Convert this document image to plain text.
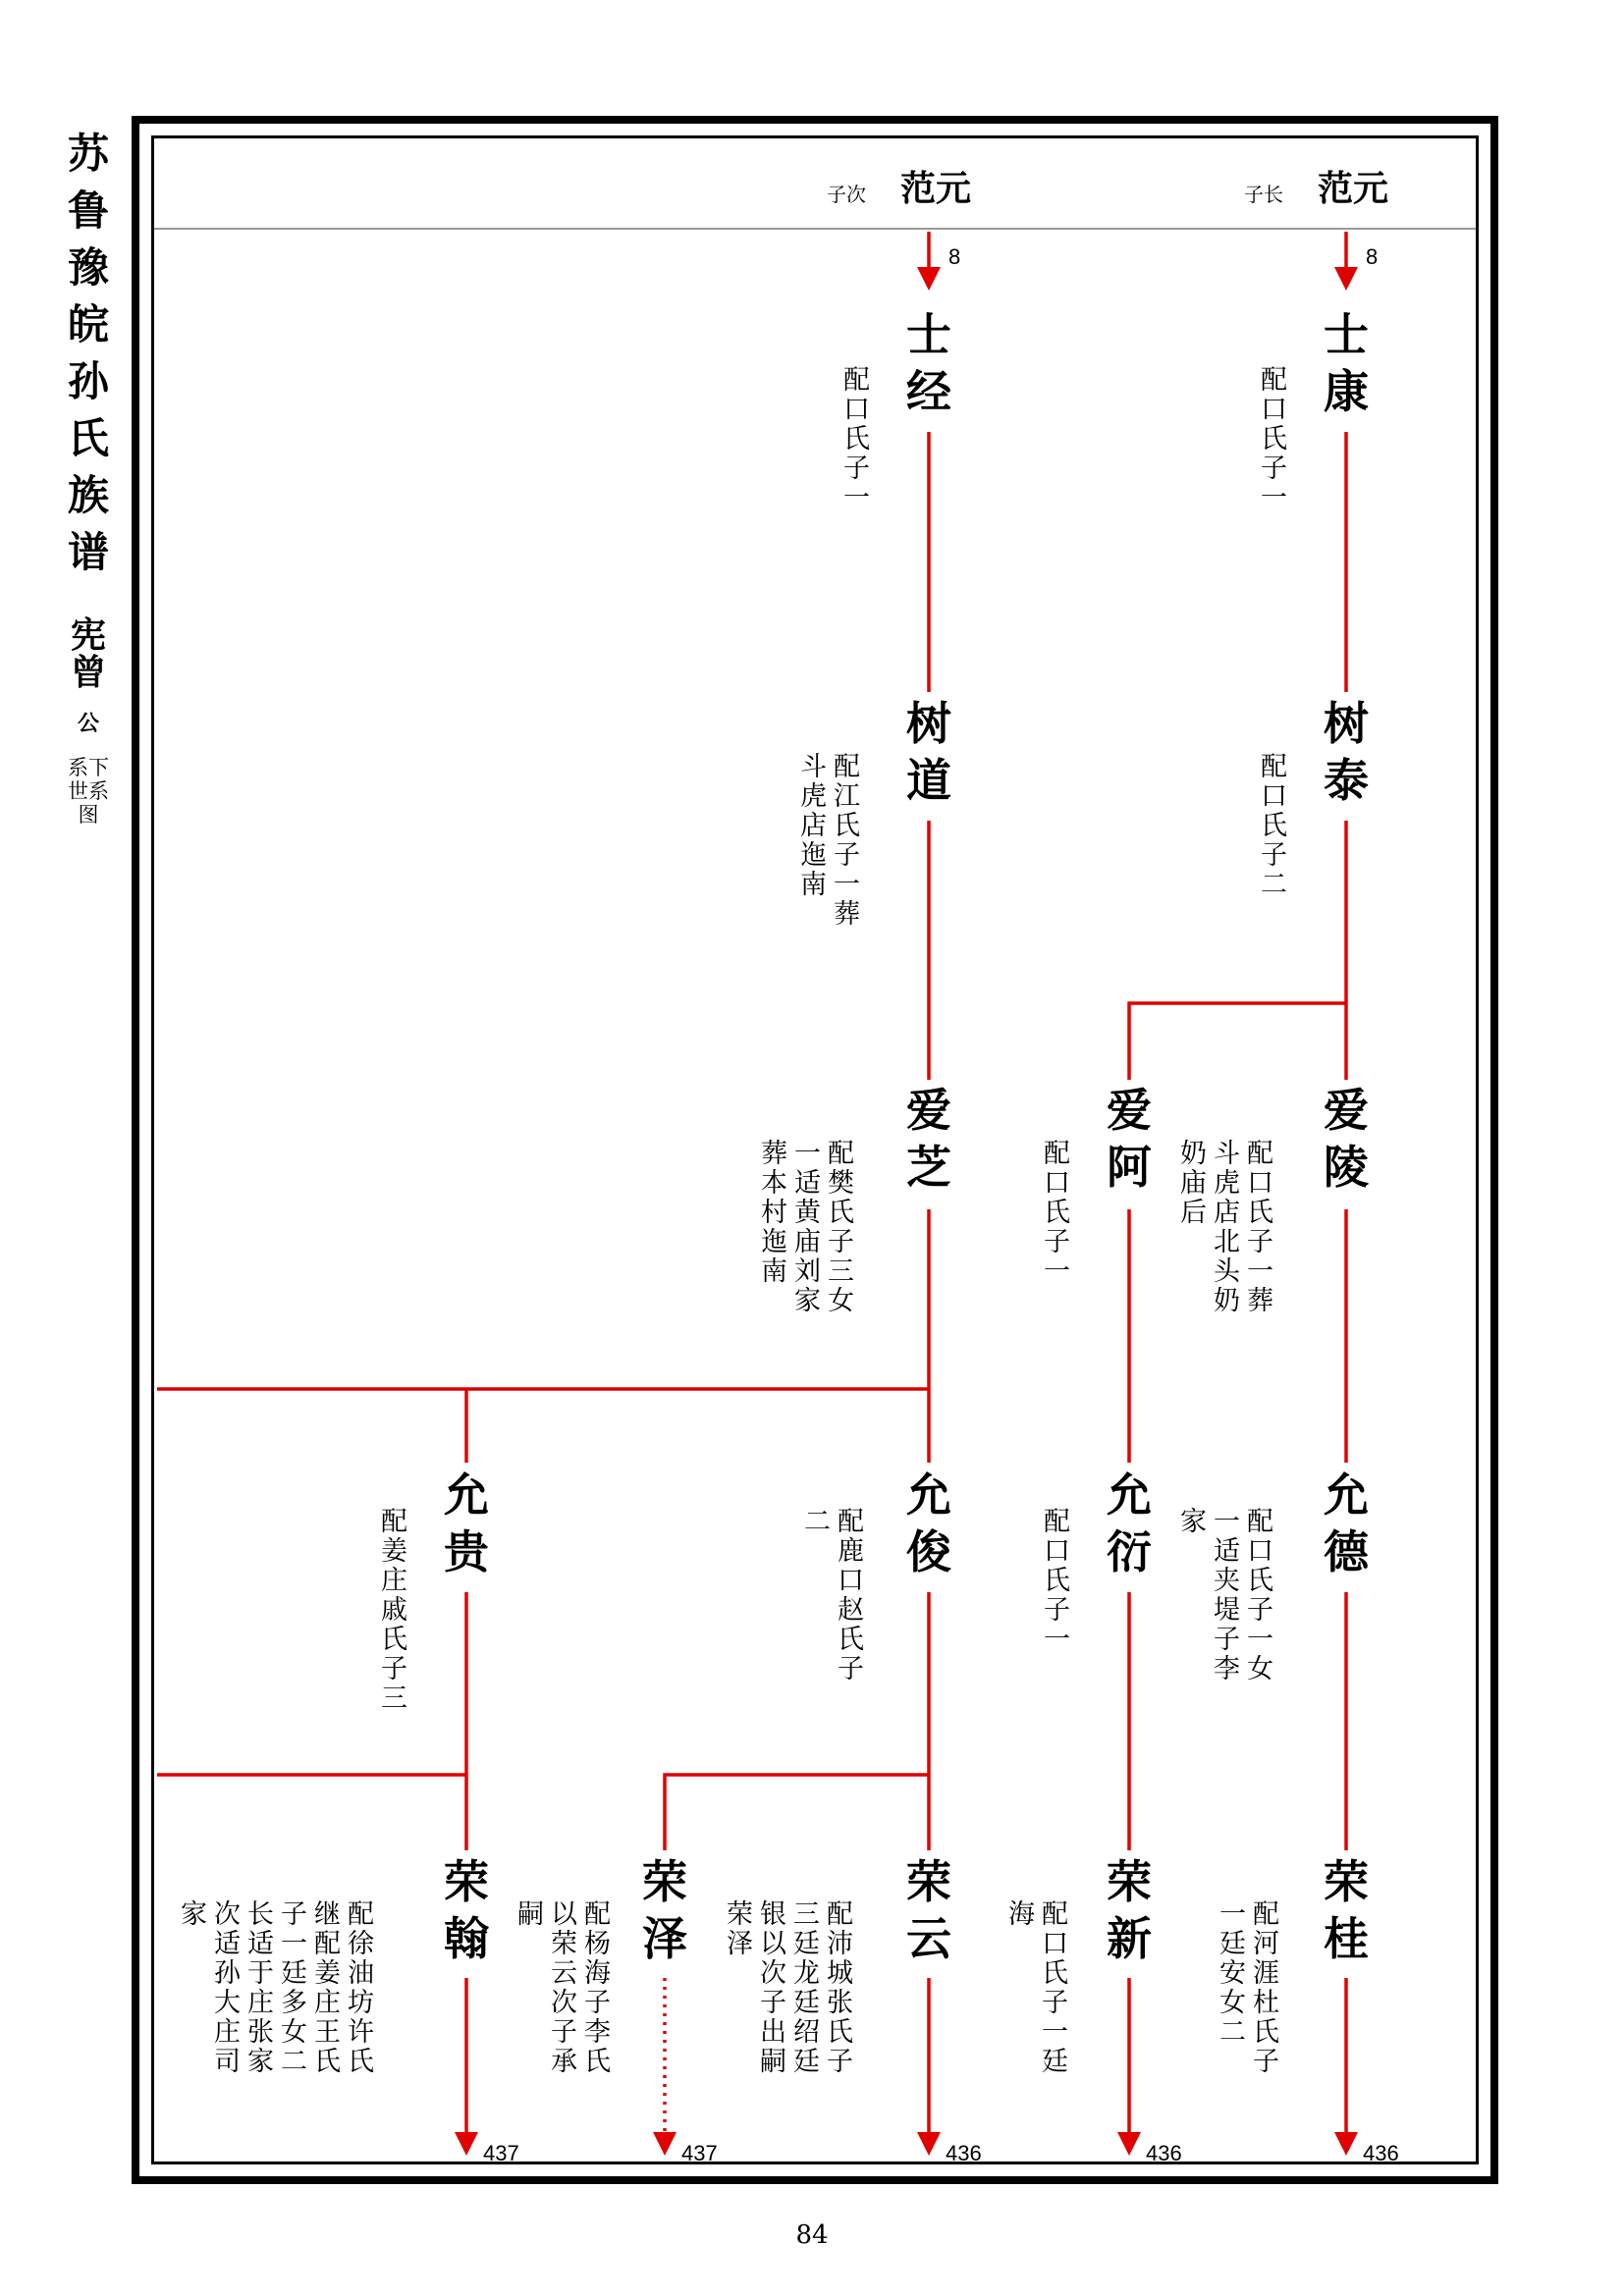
苏鲁豫皖孙氏族谱
宪曾
公
系下世系图
子次 范元	子长 范元
8	8
士经
配口氏子一
士康
配口氏子一
树道
配江氏子一葬
斗虎店迤南
树泰
配口氏子二
爱芝
配樊氏子三女
一适黄庙刘家
葬本村迤南
爱阿
配口氏子一
爱陵
配口氏子一葬
斗虎店北头奶
奶庙后
允贵
配姜庄戚氏子三
允俊
配鹿口赵氏子
二	允衍
配口氏子一
允德
配口氏子一女
一适夹堤子李
家
荣翰
配徐油坊许氏
继配姜庄王氏
子一廷多女二
长适于庄张家
次适孙大庄司
家
荣泽
配杨海子李氏
以荣云次子承
嗣
荣云
配沛城张氏子
三廷龙廷绍廷
银以次子出嗣
荣泽
荣新
配口氏子一廷
海
荣桂
配河涯杜氏子
一廷安女二
437	437	436	436	436
84
